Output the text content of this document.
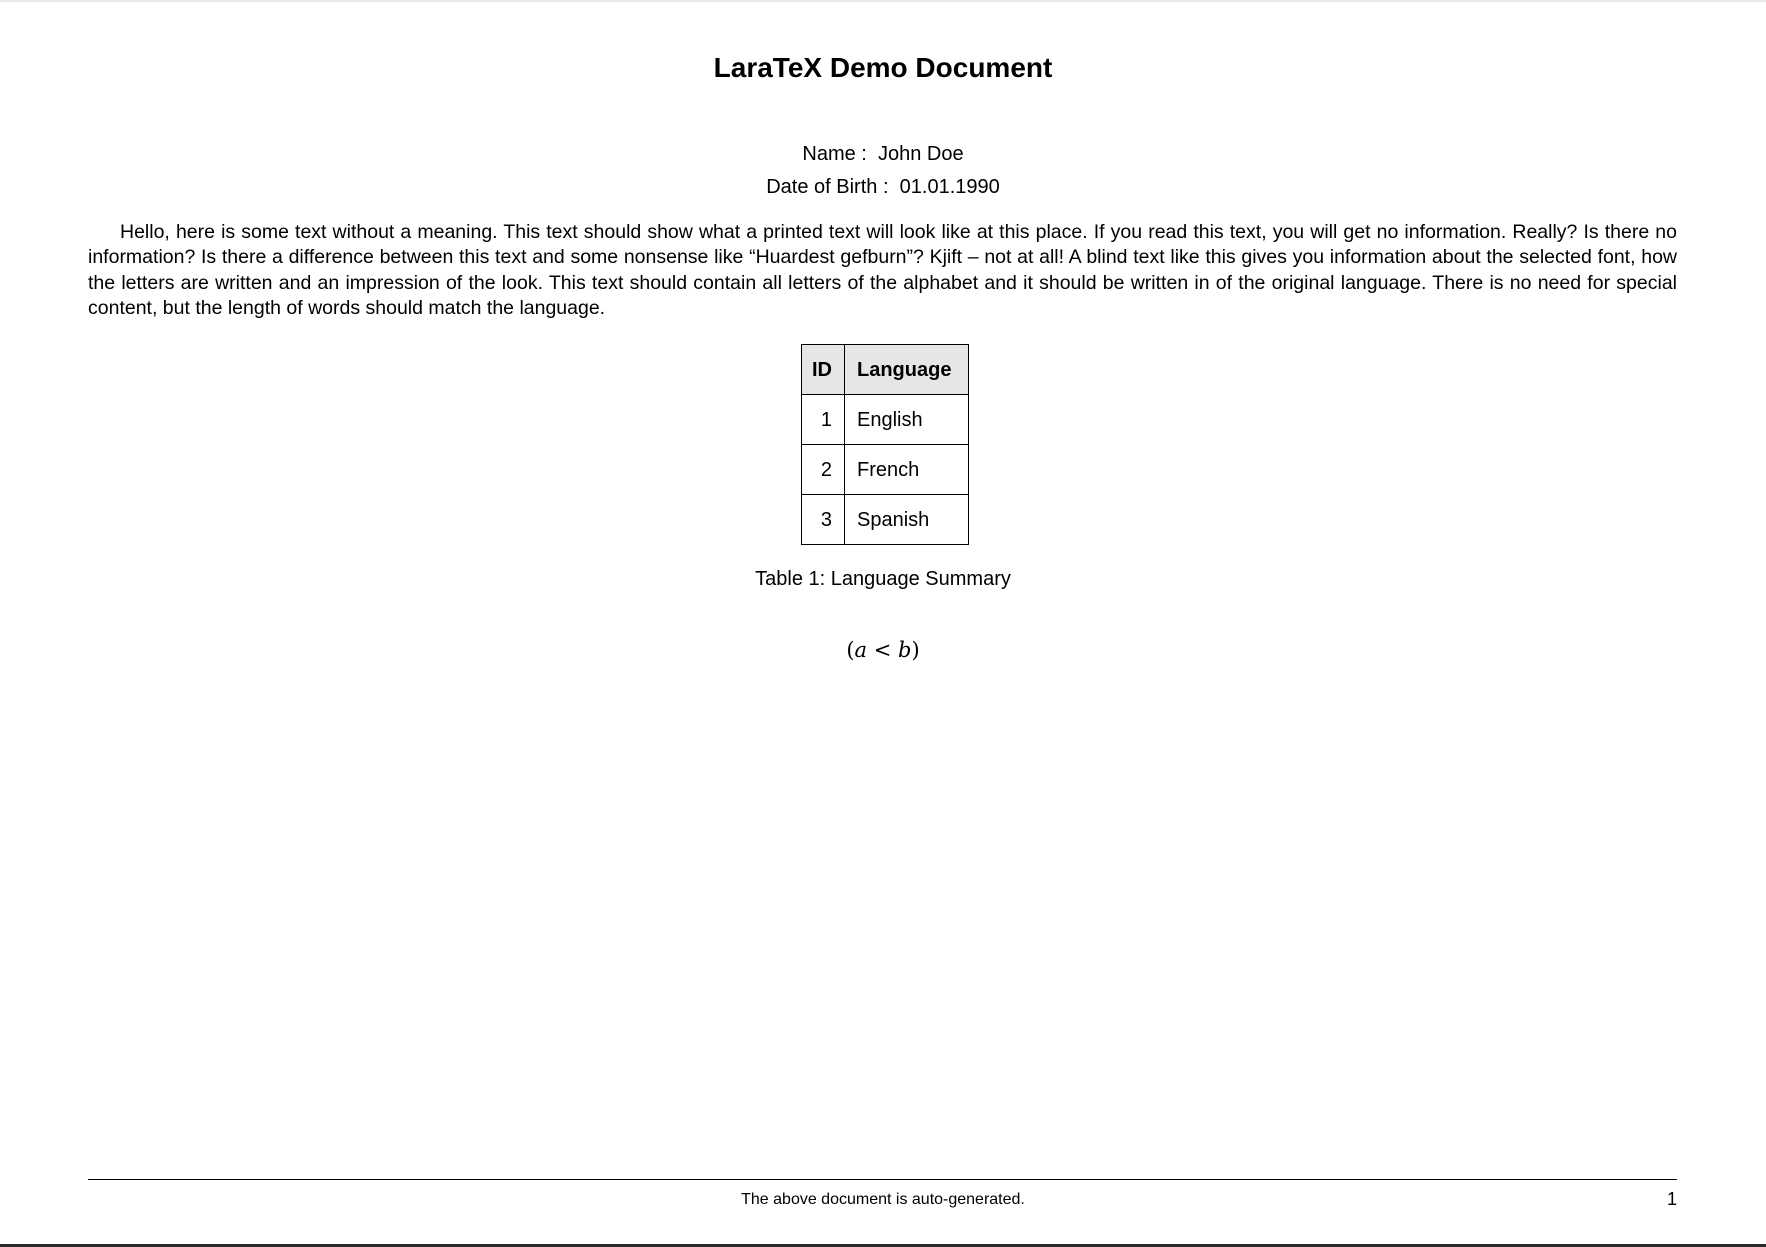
LaraTeX Demo Document
Name : John Doe
Date of Birth : 01.01.1990

Hello, here is some text without a meaning. This text should show what a printed text will look like at this place. If you read this text, you will get no information. Really? Is there no information? Is there a difference between this text and some nonsense like “Huardest gefburn”? Kjift – not at all! A blind text like this gives you information about the selected font, how the letters are written and an impression of the look. This text should contain all letters of the alphabet and it should be written in of the original language. There is no need for special content, but the length of words should match the language.

ID	Language
1	English
2	French
3	Spanish
Table 1: Language Summary
(a < b)
The above document is auto-generated.	1
